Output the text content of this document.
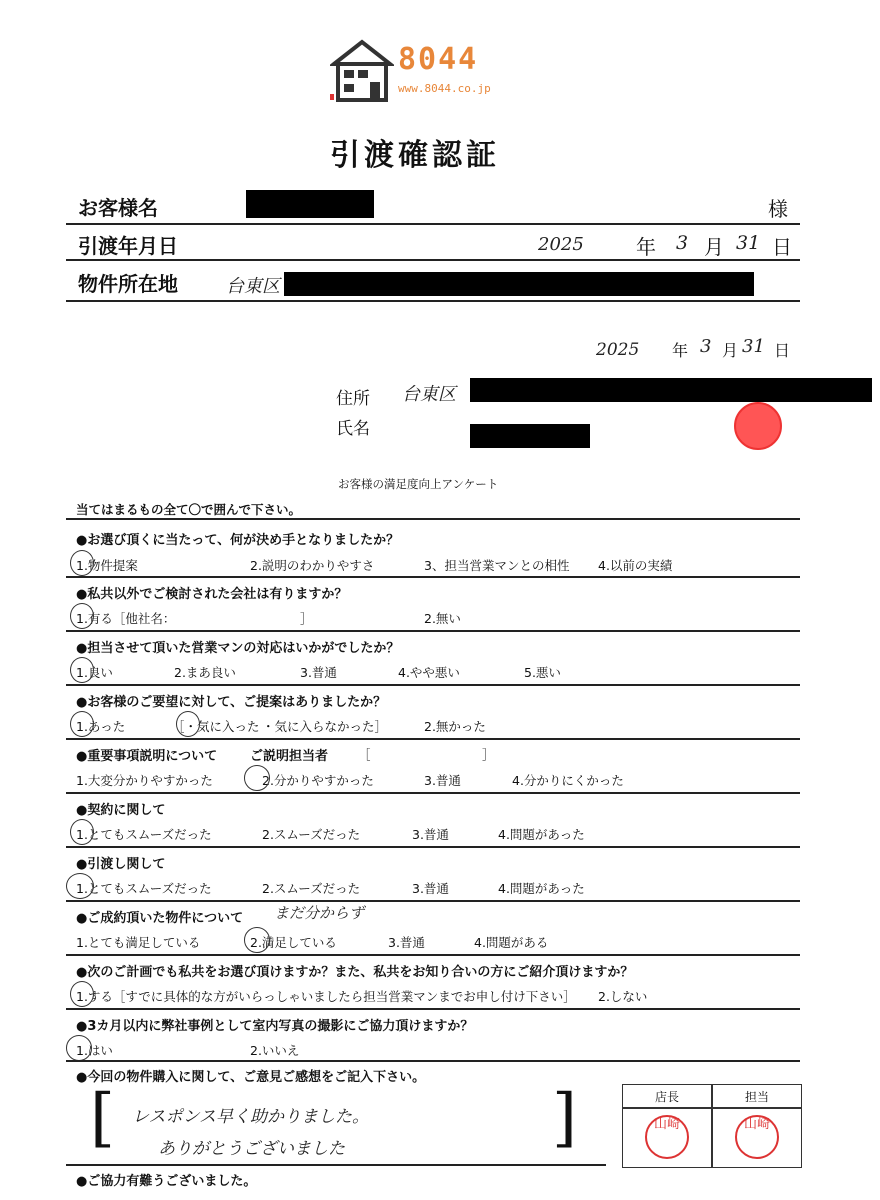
8044
www.8044.co.jp
引渡確認証
お客様名	様
引渡年月日	2025	年 3 月 31 日
物件所在地	台東区
2025 年 3 月 31 日
住所 台東区
氏名
お客様の満足度向上アンケート
当てはまるもの全て〇で囲んで下さい。
●お選び頂くに当たって、何が決め手となりましたか？
1.物件提案	2.説明のわかりやすさ	3、担当営業マンとの相性 4.以前の実績
●私共以外でご検討された会社は有りますか？
1.有る［他社名：	］	2.無い
●担当させて頂いた営業マンの対応はいかがでしたか？
1.良い	2.まあ良い	3.普通	4.やや悪い	5.悪い
●お客様のご要望に対して、ご提案はありましたか？
1.あった	［・気に入った ・気に入らなかった］	2.無かった
●重要事項説明について	ご説明担当者 ［	］
1.大変分かりやすかった	2.分かりやすかった	3.普通	4.分かりにくかった
●契約に関して
1.とてもスムーズだった	2.スムーズだった	3.普通	4.問題があった
●引渡し関して
1.とてもスムーズだった	2.スムーズだった	3.普通	4.問題があった
●ご成約頂いた物件について まだ分からず
1.とても満足している	2.満足している	3.普通	4.問題がある
●次のご計画でも私共をお選び頂けますか？また、私共をお知り合いの方にご紹介頂けますか？
1.する［すでに具体的な方がいらっしゃいましたら担当営業マンまでお申し付け下さい］ 2.しない
●3カ月以内に弊社事例として室内写真の撮影にご協力頂けますか？
1.はい	2.いいえ
●今回の物件購入に関して、ご意見ご感想をご記入下さい。
[	]
レスポンス早く助かりました。
ありがとうございました
店長	担当
山崎	山崎
●ご協力有難うございました。
